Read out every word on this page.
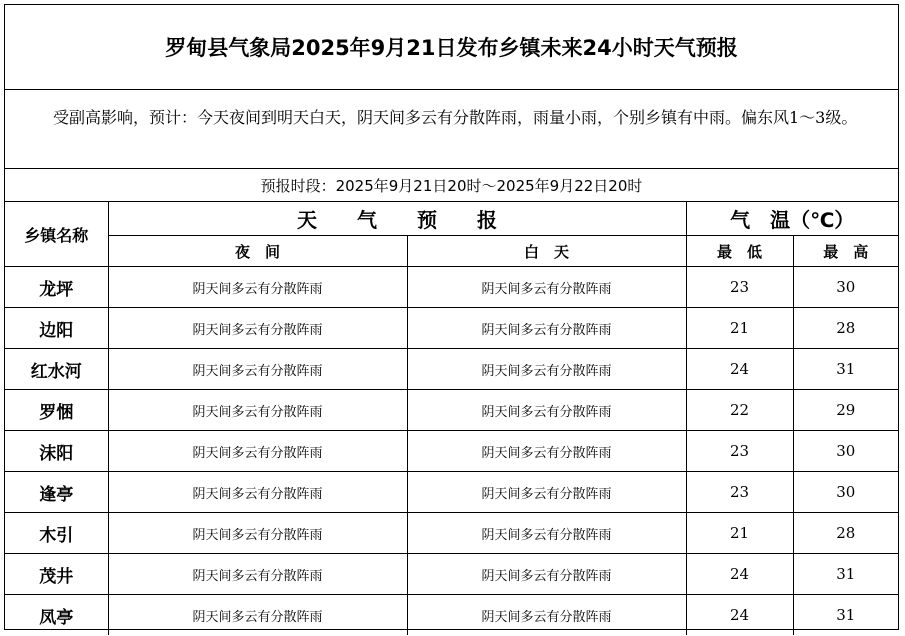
罗甸县气象局2025年9月21日发布乡镇未来24小时天气预报
受副高影响，预计：今天夜间到明天白天，阴天间多云有分散阵雨，雨量小雨，个别乡镇有中雨。偏东风1～3级。
预报时段：2025年9月21日20时～2025年9月22日20时
乡镇名称	天　　气　　预　　报		气　温（℃）	
	夜　间	白　天	最　低	最　高
龙坪	阴天间多云有分散阵雨	阴天间多云有分散阵雨	23	30
边阳	阴天间多云有分散阵雨	阴天间多云有分散阵雨	21	28
红水河	阴天间多云有分散阵雨	阴天间多云有分散阵雨	24	31
罗悃	阴天间多云有分散阵雨	阴天间多云有分散阵雨	22	29
沫阳	阴天间多云有分散阵雨	阴天间多云有分散阵雨	23	30
逢亭	阴天间多云有分散阵雨	阴天间多云有分散阵雨	23	30
木引	阴天间多云有分散阵雨	阴天间多云有分散阵雨	21	28
茂井	阴天间多云有分散阵雨	阴天间多云有分散阵雨	24	31
凤亭	阴天间多云有分散阵雨	阴天间多云有分散阵雨	24	31
